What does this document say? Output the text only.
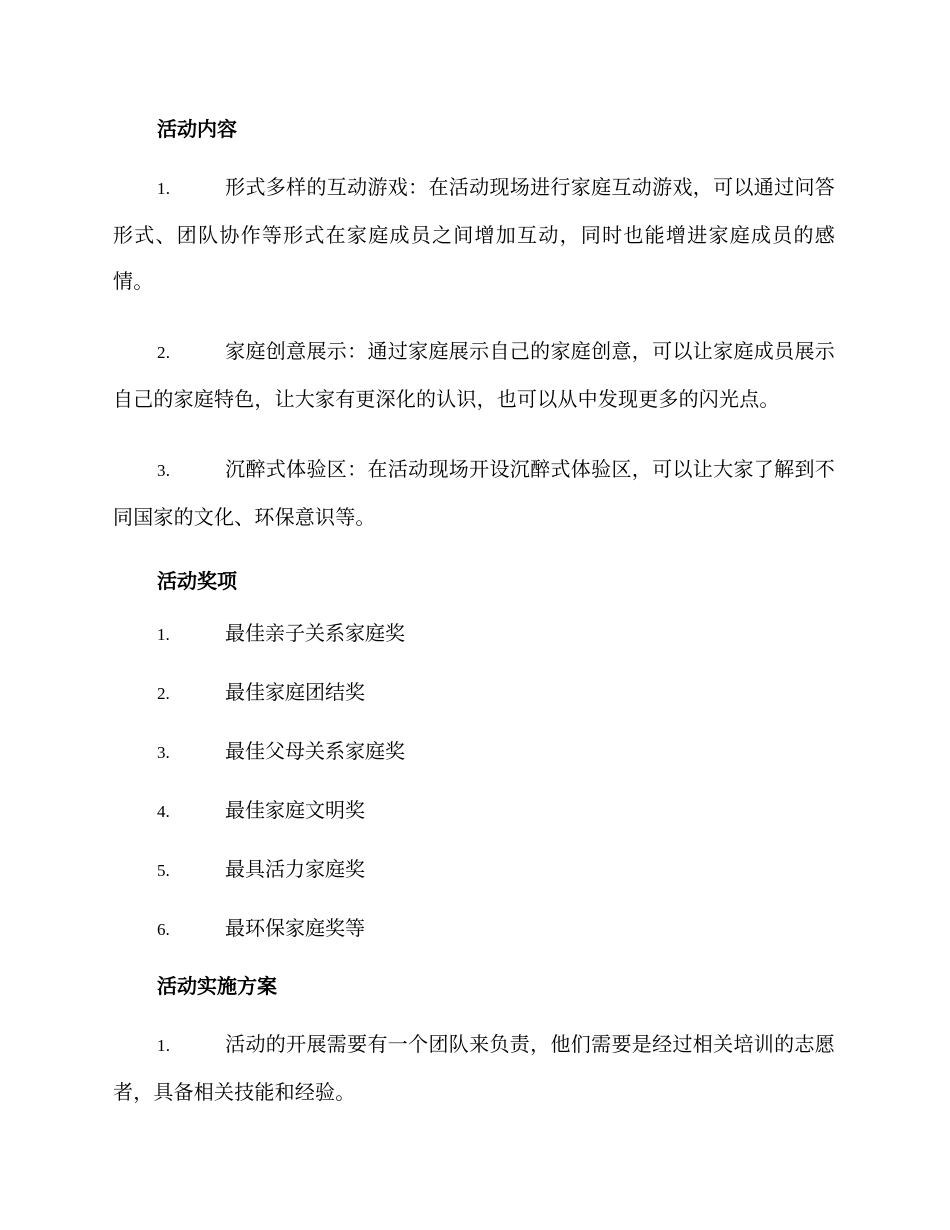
活动内容

1.	形式多样的互动游戏：在活动现场进行家庭互动游戏，可以通过问答形式、团队协作等形式在家庭成员之间增加互动，同时也能增进家庭成员的感情。

2.	家庭创意展示：通过家庭展示自己的家庭创意，可以让家庭成员展示自己的家庭特色，让大家有更深化的认识，也可以从中发现更多的闪光点。

3.	沉醉式体验区：在活动现场开设沉醉式体验区，可以让大家了解到不同国家的文化、环保意识等。

活动奖项
1.	最佳亲子关系家庭奖
2.	最佳家庭团结奖
3.	最佳父母关系家庭奖
4.	最佳家庭文明奖
5.	最具活力家庭奖
6.	最环保家庭奖等
活动实施方案

1.	活动的开展需要有一个团队来负责，他们需要是经过相关培训的志愿者，具备相关技能和经验。
